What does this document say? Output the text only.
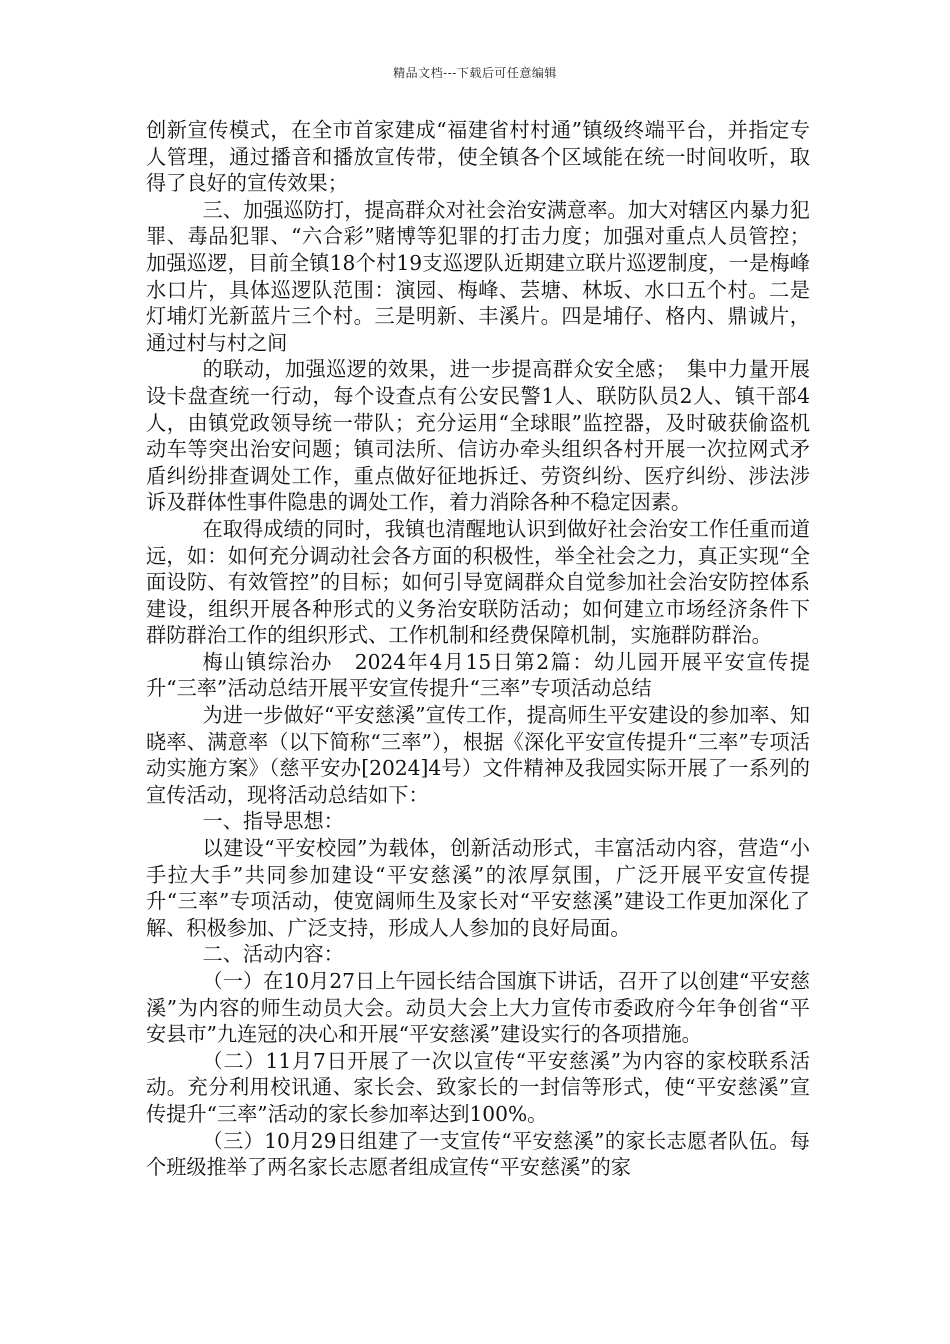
精品文档---下载后可任意编辑

创新宣传模式，在全市首家建成“福建省村村通”镇级终端平台，并指定专人管理，通过播音和播放宣传带，使全镇各个区域能在统一时间收听，取得了良好的宣传效果；

三、加强巡防打，提高群众对社会治安满意率。加大对辖区内暴力犯罪、毒品犯罪、“六合彩”赌博等犯罪的打击力度；加强对重点人员管控；加强巡逻，目前全镇18个村19支巡逻队近期建立联片巡逻制度，一是梅峰水口片，具体巡逻队范围：演园、梅峰、芸塘、林坂、水口五个村。二是灯埔灯光新蓝片三个村。三是明新、丰溪片。四是埔仔、格内、鼎诚片，通过村与村之间

的联动，加强巡逻的效果，进一步提高群众安全感；　集中力量开展设卡盘查统一行动，每个设查点有公安民警1人、联防队员2人、镇干部4人，由镇党政领导统一带队；充分运用“全球眼”监控器，及时破获偷盗机动车等突出治安问题；镇司法所、信访办牵头组织各村开展一次拉网式矛盾纠纷排查调处工作，重点做好征地拆迁、劳资纠纷、医疗纠纷、涉法涉诉及群体性事件隐患的调处工作，着力消除各种不稳定因素。

在取得成绩的同时，我镇也清醒地认识到做好社会治安工作任重而道远，如：如何充分调动社会各方面的积极性，举全社会之力，真正实现“全面设防、有效管控”的目标；如何引导宽阔群众自觉参加社会治安防控体系建设，组织开展各种形式的义务治安联防活动；如何建立市场经济条件下群防群治工作的组织形式、工作机制和经费保障机制，实施群防群治。

梅山镇综治办　2024年4月15日第2篇：幼儿园开展平安宣传提升“三率”活动总结开展平安宣传提升“三率”专项活动总结

为进一步做好“平安慈溪”宣传工作，提高师生平安建设的参加率、知晓率、满意率（以下简称“三率”），根据《深化平安宣传提升“三率”专项活动实施方案》（慈平安办[2024]4号）文件精神及我园实际开展了一系列的宣传活动，现将活动总结如下：

一、指导思想：

以建设“平安校园”为载体，创新活动形式，丰富活动内容，营造“小手拉大手”共同参加建设“平安慈溪”的浓厚氛围，广泛开展平安宣传提升“三率”专项活动，使宽阔师生及家长对“平安慈溪”建设工作更加深化了解、积极参加、广泛支持，形成人人参加的良好局面。

二、活动内容：

（一）在10月27日上午园长结合国旗下讲话，召开了以创建“平安慈溪”为内容的师生动员大会。动员大会上大力宣传市委政府今年争创省“平安县市”九连冠的决心和开展“平安慈溪”建设实行的各项措施。

（二）11月7日开展了一次以宣传“平安慈溪”为内容的家校联系活动。充分利用校讯通、家长会、致家长的一封信等形式，使“平安慈溪”宣传提升“三率”活动的家长参加率达到100%。

（三）10月29日组建了一支宣传“平安慈溪”的家长志愿者队伍。每个班级推举了两名家长志愿者组成宣传“平安慈溪”的家
